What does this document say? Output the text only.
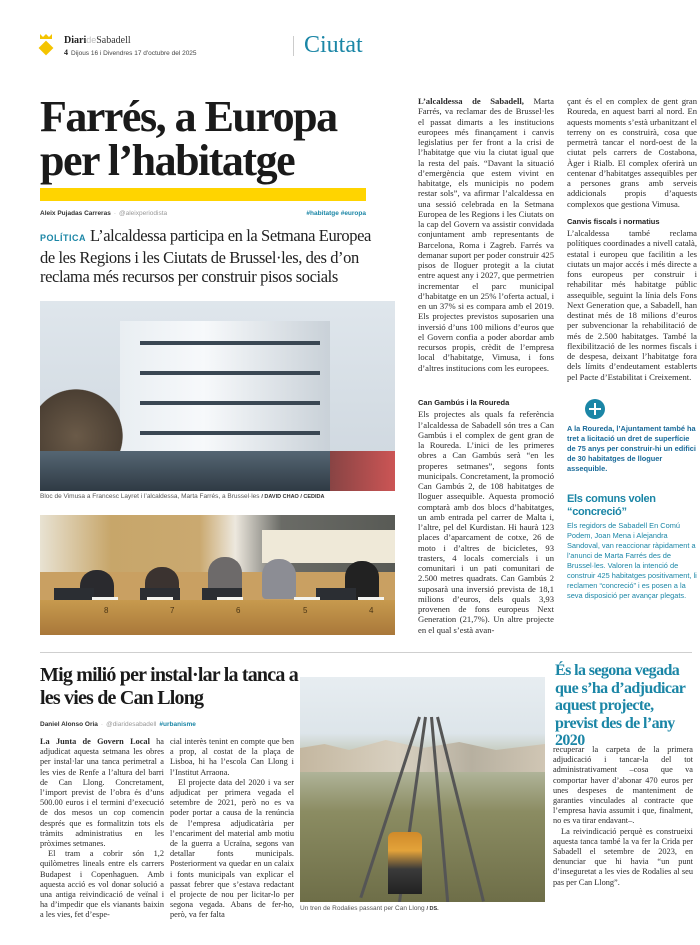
DiarideSabadell
4 Dijous 16 i Divendres 17 d'octubre del 2025	Ciutat
Farrés, a Europa per l’habitatge
Aleix Pujadas Carreras · @aleixperiodista	#habitatge #europa
POLÍTICA L’alcaldessa participa en la Setmana Europea de les Regions i les Ciutats de Brussel·les, des d’on reclama més recursos per construir pisos socials
Bloc de Vimusa a Francesc Layret i l’alcaldessa, Marta Farrés, a Brussel·les / DAVID CHAO / CEDIDA
8	7	6	5	4

L’alcaldessa de Sabadell, Marta Farrés, va reclamar des de Brussel·les el passat dimarts a les institucions europees més finançament i canvis legislatius per fer front a la crisi de l’habitatge que viu la ciutat igual que la resta del país. “Davant la situació d’emergència que estem vivint en habitatge, els municipis no podem restar sols”, va afirmar l’alcaldessa en una sessió celebrada en la Setmana Europea de les Regions i les Ciutats on la cap del Govern va assistir convidada conjuntament amb representants de Barcelona, Roma i Zagreb. Farrés va demanar suport per poder construir 425 pisos de lloguer protegit a la ciutat entre aquest any i 2027, que permetrien incrementar el parc municipal d’habitatge en un 25% l’oferta actual, i en un 37% si es compara amb el 2019. Els projectes previstos suposarien una inversió d’uns 100 milions d’euros que el Govern confia a poder abordar amb recursos propis, crèdit de l’empresa local d’habitatge, Vimusa, i fons d’altres institucions com les europees.

Can Gambús i la Roureda

Els projectes als quals fa referència l’alcaldessa de Sabadell són tres a Can Gambús i el complex de gent gran de la Roureda. L’inici de les primeres obres a Can Gambús serà “en les properes setmanes”, segons fonts municipals. Concretament, la promoció Can Gambús 2, de 108 habitatges de lloguer assequible. Aquesta promoció comptarà amb dos blocs d’habitatges, un amb entrada pel carrer de Malta i, l’altre, pel del Kurdistan. Hi haurà 123 places d’aparcament de cotxe, 26 de moto i d’altres de bicicletes, 93 trasters, 4 locals comercials i un comunitari i un pati comunitari de 2.500 metres quadrats. Can Gambús 2 suposarà una inversió prevista de 18,1 milions d’euros, dels quals 3,93 provenen de fons europeus Next Generation (21,7%). Un altre projecte en el qual s’està avan-

çant és el en complex de gent gran Roureda, en aquest barri al nord. En aquests moments s’està urbanitzant el terreny on es construirà, cosa que permetrà tancar el nord-oest de la ciutat pels carrers de Costabona, Àger i Rialb. El complex oferirà un centenar d’habitatges assequibles per a persones grans amb serveis addicionals propis d’aquests complexos que gestiona Vimusa.

Canvis fiscals i normatius

L’alcaldessa també reclama polítiques coordinades a nivell català, estatal i europeu que facilitin a les ciutats un major accés i més directe a fons europeus per construir i rehabilitar més habitatge públic assequible, seguint la línia dels Fons Next Generation que, a Sabadell, han destinat més de 18 milions d’euros per subvencionar la rehabilitació de més de 2.500 habitatges. També la flexibilització de les normes fiscals i de despesa, deixant l’habitatge fora dels límits d’endeutament establerts pel Pacte d’Estabilitat i Creixement.

A la Roureda, l’Ajuntament també ha tret a licitació un dret de superfície de 75 anys per construir-hi un edifici de 30 habitatges de lloguer assequible.
Els comuns volen “concreció”
Els regidors de Sabadell En Comú Podem, Joan Mena i Alejandra Sandoval, van reaccionar ràpidament a l’anunci de Marta Farrés des de Brussel·les. Valoren la intenció de construir 425 habitatges positivament, li reclamen “concreció” i es posen a la seva disposició per avançar plegats.
Mig milió per instal·lar la tanca a les vies de Can Llong
Daniel Alonso Oria · @diaridesabadell #urbanisme

La Junta de Govern Local ha adjudicat aquesta setmana les obres per instal·lar una tanca perimetral a les vies de Renfe a l’altura del barri de Can Llong. Concretament, l’import previst de l’obra és d’uns 500.00 euros i el termini d’execució de dos mesos un cop comencin després que es formalitzin tots els tràmits administratius en les pròximes setmanes.

El tram a cobrir són 1,2 quilòmetres lineals entre els carrers Budapest i Copenhaguen. Amb aquesta acció es vol donar solució a una antiga reivindicació de veïnal i ha d’impedir que els vianants baixin a les vies, fet d’espe-

cial interès tenint en compte que ben a prop, al costat de la plaça de Lisboa, hi ha l’escola Can Llong i l’Institut Arraona.

El projecte data del 2020 i va ser adjudicat per primera vegada el setembre de 2021, però no es va poder portar a causa de la renúncia de l’empresa adjudicatària per l’encariment del material amb motiu de la guerra a Ucraïna, segons van detallar fonts municipals. Posteriorment va quedar en un calaix i fonts municipals van explicar el passat febrer que s’estava redactant el projecte de nou per licitar-lo per segona vegada. Abans de fer-ho, però, va fer falta

Un tren de Rodalies passant per Can Llong / DS.
És la segona vegada que s’ha d’adjudicar aquest projecte, previst des de l’any 2020

recuperar la carpeta de la primera adjudicació i tancar-la del tot administrativament –cosa que va comportar haver d’abonar 470 euros per unes despeses de manteniment de garanties vinculades al contracte que l’empresa havia assumit i que, finalment, no es va tirar endavant–.

La reivindicació perquè es construeixi aquesta tanca també la va fer la Crida per Sabadell el setembre de 2023, en denunciar que hi havia “un punt d’inseguretat a les vies de Rodalies al seu pas per Can Llong”.
